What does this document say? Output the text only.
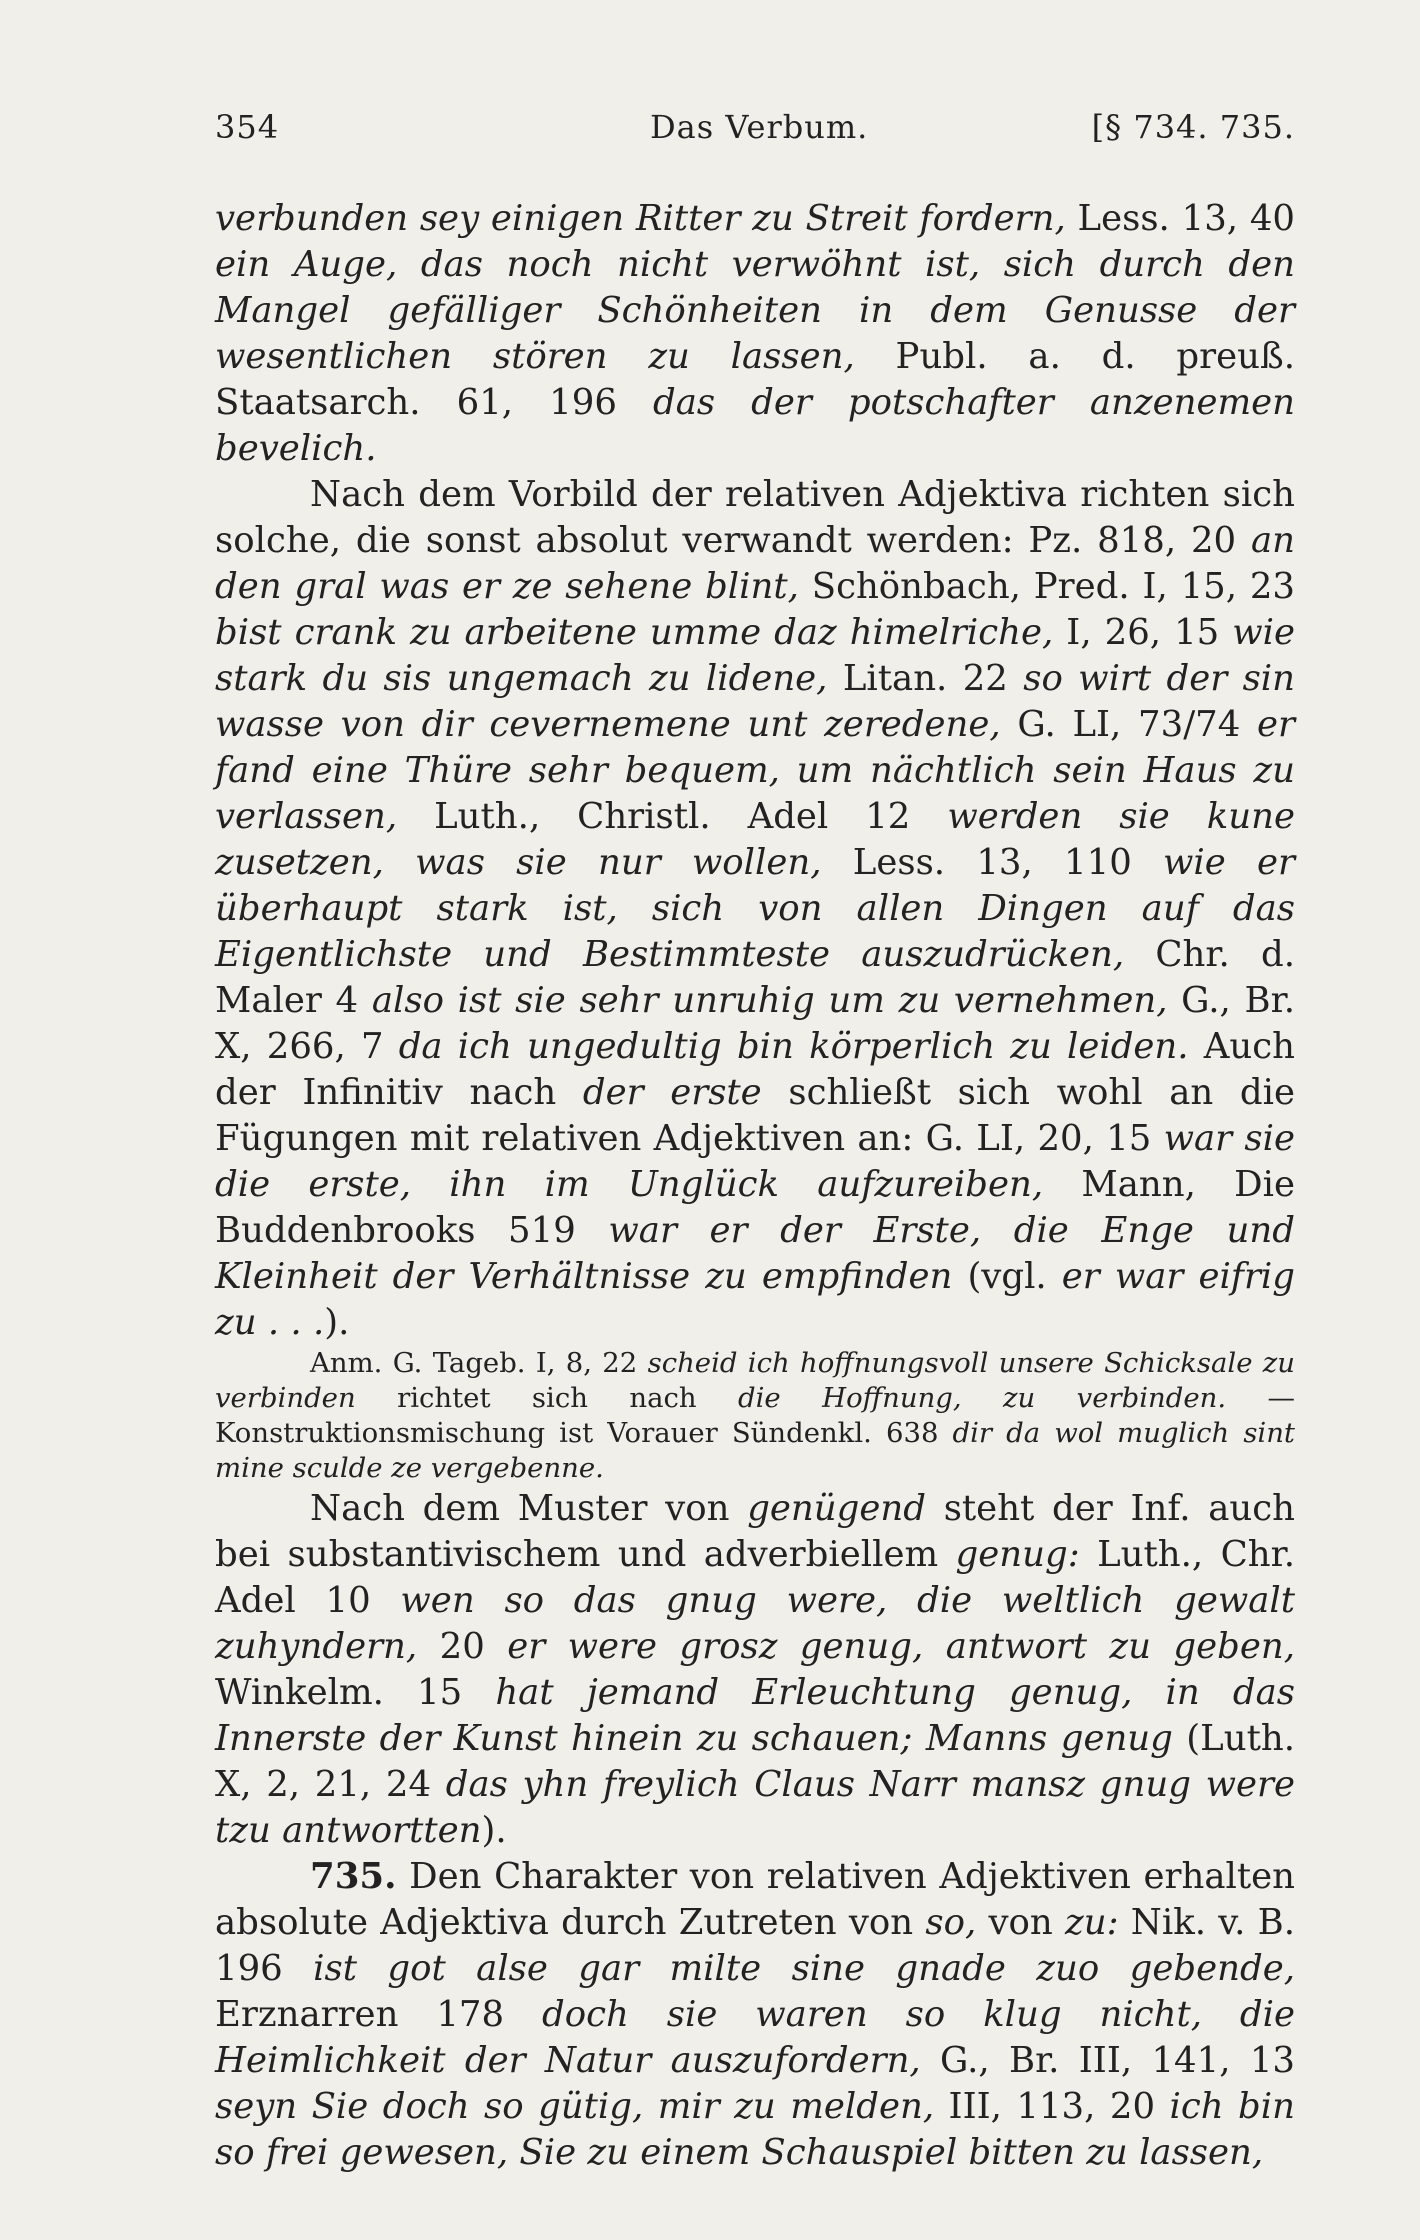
354	Das Verbum.	[§ 734. 735.

verbunden sey einigen Ritter zu Streit fordern, Less. 13, 40 ein Auge, das noch nicht verwöhnt ist, sich durch den Mangel gefälliger Schönheiten in dem Genusse der wesentlichen stören zu lassen, Publ. a. d. preuß. Staatsarch. 61, 196 das der potschafter anzenemen bevelich.

Nach dem Vorbild der relativen Adjektiva richten sich solche, die sonst absolut verwandt werden: Pz. 818, 20 an den gral was er ze sehene blint, Schönbach, Pred. I, 15, 23 bist crank zu arbeitene umme daz himelriche, I, 26, 15 wie stark du sis ungemach zu lidene, Litan. 22 so wirt der sin wasse von dir cevernemene unt zeredene, G. LI, 73/74 er fand eine Thüre sehr bequem, um nächtlich sein Haus zu verlassen, Luth., Christl. Adel 12 werden sie kune zusetzen, was sie nur wollen, Less. 13, 110 wie er überhaupt stark ist, sich von allen Dingen auf das Eigentlichste und Bestimmteste auszudrücken, Chr. d. Maler 4 also ist sie sehr unruhig um zu vernehmen, G., Br. X, 266, 7 da ich ungedultig bin körperlich zu leiden. Auch der Infinitiv nach der erste schließt sich wohl an die Fügungen mit relativen Adjektiven an: G. LI, 20, 15 war sie die erste, ihn im Unglück aufzureiben, Mann, Die Buddenbrooks 519 war er der Erste, die Enge und Kleinheit der Verhältnisse zu empfinden (vgl. er war eifrig zu . . .).

Anm. G. Tageb. I, 8, 22 scheid ich hoffnungsvoll unsere Schicksale zu verbinden richtet sich nach die Hoffnung, zu verbinden. — Konstruktionsmischung ist Vorauer Sündenkl. 638 dir da wol muglich sint mine sculde ze vergebenne.

Nach dem Muster von genügend steht der Inf. auch bei substantivischem und adverbiellem genug: Luth., Chr. Adel 10 wen so das gnug were, die weltlich gewalt zuhyndern, 20 er were grosz genug, antwort zu geben, Winkelm. 15 hat jemand Erleuchtung genug, in das Innerste der Kunst hinein zu schauen; Manns genug (Luth. X, 2, 21, 24 das yhn freylich Claus Narr mansz gnug were tzu antwortten).

735. Den Charakter von relativen Adjektiven erhalten absolute Adjektiva durch Zutreten von so, von zu: Nik. v. B. 196 ist got alse gar milte sine gnade zuo gebende, Erznarren 178 doch sie waren so klug nicht, die Heimlichkeit der Natur auszufordern, G., Br. III, 141, 13 seyn Sie doch so gütig, mir zu melden, III, 113, 20 ich bin so frei gewesen, Sie zu einem Schauspiel bitten zu lassen,
